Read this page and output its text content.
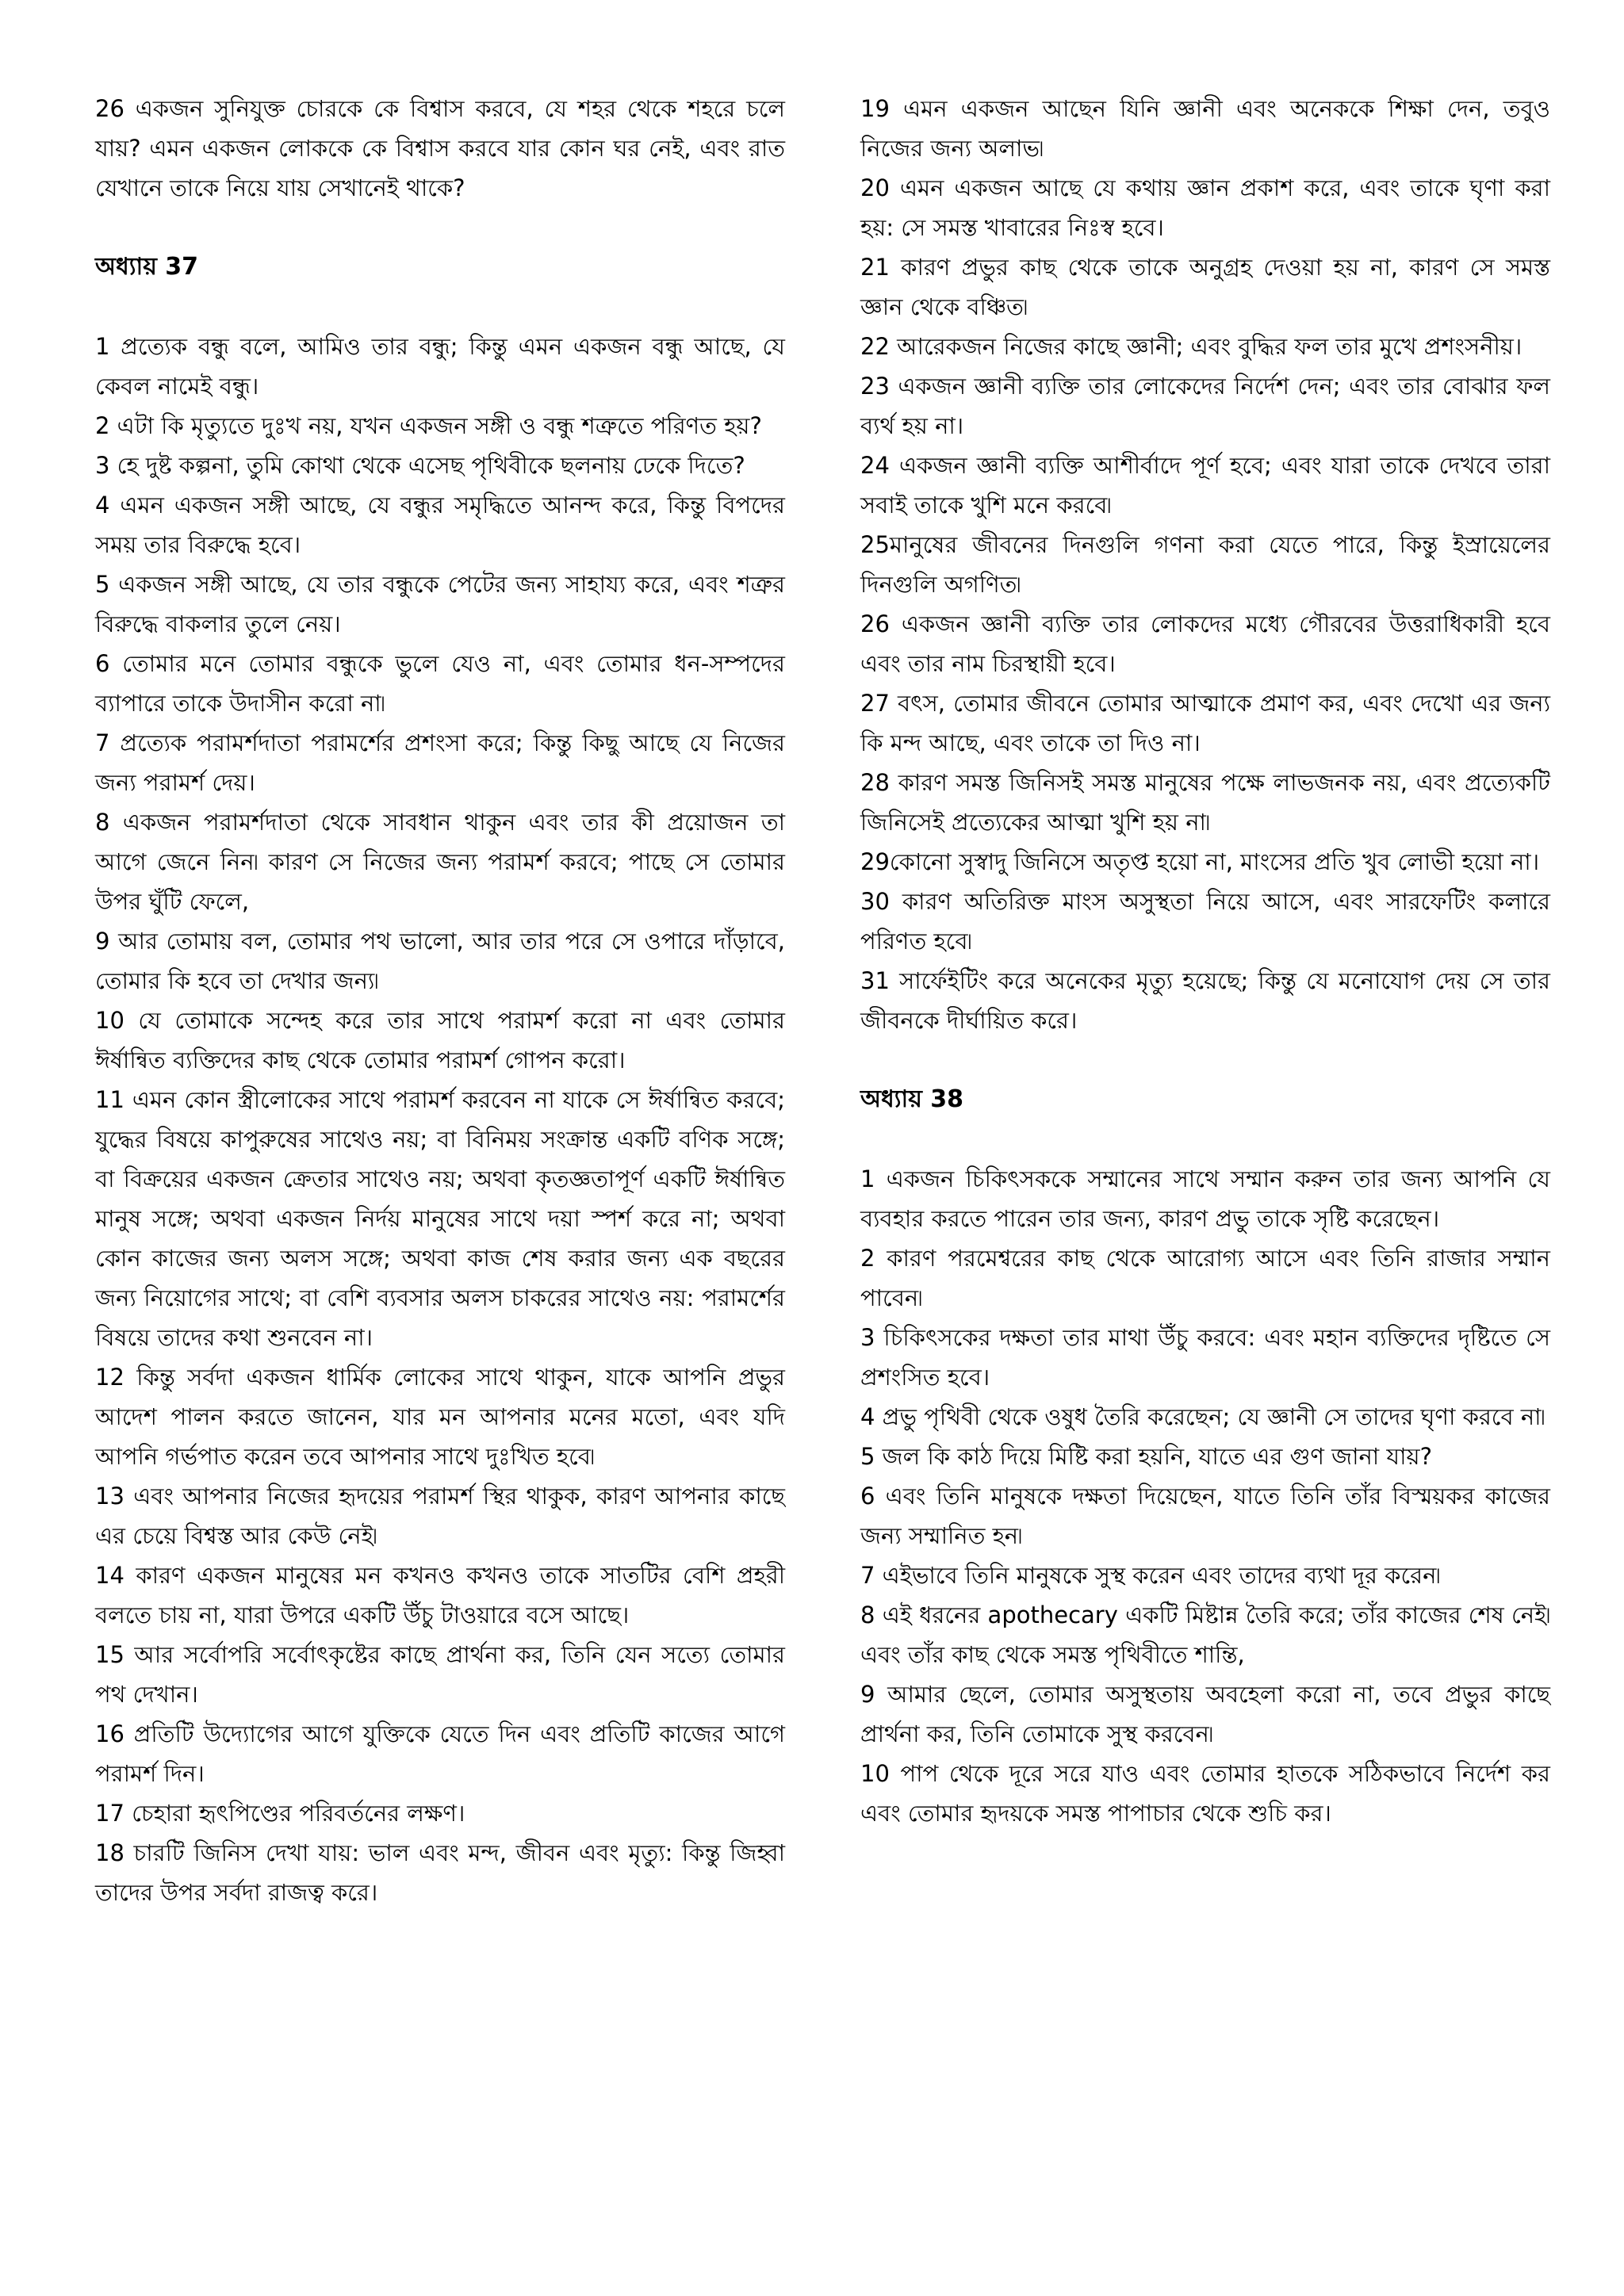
26 একজন সুনিযুক্ত চোরকে কে বিশ্বাস করবে, যে শহর থেকে শহরে চলে যায়? এমন একজন লোককে কে বিশ্বাস করবে যার কোন ঘর নেই, এবং রাত যেখানে তাকে নিয়ে যায় সেখানেই থাকে?

অধ্যায় 37

1 প্রত্যেক বন্ধু বলে, আমিও তার বন্ধু; কিন্তু এমন একজন বন্ধু আছে, যে কেবল নামেই বন্ধু।

2 এটা কি মৃত্যুতে দুঃখ নয়, যখন একজন সঙ্গী ও বন্ধু শত্রুতে পরিণত হয়?

3 হে দুষ্ট কল্পনা, তুমি কোথা থেকে এসেছ পৃথিবীকে ছলনায় ঢেকে দিতে?

4 এমন একজন সঙ্গী আছে, যে বন্ধুর সমৃদ্ধিতে আনন্দ করে, কিন্তু বিপদের সময় তার বিরুদ্ধে হবে।

5 একজন সঙ্গী আছে, যে তার বন্ধুকে পেটের জন্য সাহায্য করে, এবং শত্রুর বিরুদ্ধে বাকলার তুলে নেয়।

6 তোমার মনে তোমার বন্ধুকে ভুলে যেও না, এবং তোমার ধন-সম্পদের ব্যাপারে তাকে উদাসীন করো না৷

7 প্রত্যেক পরামর্শদাতা পরামর্শের প্রশংসা করে; কিন্তু কিছু আছে যে নিজের জন্য পরামর্শ দেয়।

8 একজন পরামর্শদাতা থেকে সাবধান থাকুন এবং তার কী প্রয়োজন তা আগে জেনে নিন৷ কারণ সে নিজের জন্য পরামর্শ করবে; পাছে সে তোমার উপর ঘুঁটি ফেলে,

9 আর তোমায় বল, তোমার পথ ভালো, আর তার পরে সে ওপারে দাঁড়াবে, তোমার কি হবে তা দেখার জন্য৷

10 যে তোমাকে সন্দেহ করে তার সাথে পরামর্শ করো না এবং তোমার ঈর্ষান্বিত ব্যক্তিদের কাছ থেকে তোমার পরামর্শ গোপন করো।

11 এমন কোন স্ত্রীলোকের সাথে পরামর্শ করবেন না যাকে সে ঈর্ষান্বিত করবে; যুদ্ধের বিষয়ে কাপুরুষের সাথেও নয়; বা বিনিময় সংক্রান্ত একটি বণিক সঙ্গে; বা বিক্রয়ের একজন ক্রেতার সাথেও নয়; অথবা কৃতজ্ঞতাপূর্ণ একটি ঈর্ষান্বিত মানুষ সঙ্গে; অথবা একজন নির্দয় মানুষের সাথে দয়া স্পর্শ করে না; অথবা কোন কাজের জন্য অলস সঙ্গে; অথবা কাজ শেষ করার জন্য এক বছরের জন্য নিয়োগের সাথে; বা বেশি ব্যবসার অলস চাকরের সাথেও নয়: পরামর্শের বিষয়ে তাদের কথা শুনবেন না।

12 কিন্তু সর্বদা একজন ধার্মিক লোকের সাথে থাকুন, যাকে আপনি প্রভুর আদেশ পালন করতে জানেন, যার মন আপনার মনের মতো, এবং যদি আপনি গর্ভপাত করেন তবে আপনার সাথে দুঃখিত হবে৷

13 এবং আপনার নিজের হৃদয়ের পরামর্শ স্থির থাকুক, কারণ আপনার কাছে এর চেয়ে বিশ্বস্ত আর কেউ নেই৷

14 কারণ একজন মানুষের মন কখনও কখনও তাকে সাতটির বেশি প্রহরী বলতে চায় না, যারা উপরে একটি উঁচু টাওয়ারে বসে আছে।

15 আর সর্বোপরি সর্বোৎকৃষ্টের কাছে প্রার্থনা কর, তিনি যেন সত্যে তোমার পথ দেখান।

16 প্রতিটি উদ্যোগের আগে যুক্তিকে যেতে দিন এবং প্রতিটি কাজের আগে পরামর্শ দিন।

17 চেহারা হৃৎপিণ্ডের পরিবর্তনের লক্ষণ।

18 চারটি জিনিস দেখা যায়: ভাল এবং মন্দ, জীবন এবং মৃত্যু: কিন্তু জিহ্বা তাদের উপর সর্বদা রাজত্ব করে।

19 এমন একজন আছেন যিনি জ্ঞানী এবং অনেককে শিক্ষা দেন, তবুও নিজের জন্য অলাভ৷

20 এমন একজন আছে যে কথায় জ্ঞান প্রকাশ করে, এবং তাকে ঘৃণা করা হয়: সে সমস্ত খাবারের নিঃস্ব হবে।

21 কারণ প্রভুর কাছ থেকে তাকে অনুগ্রহ দেওয়া হয় না, কারণ সে সমস্ত জ্ঞান থেকে বঞ্চিত৷

22 আরেকজন নিজের কাছে জ্ঞানী; এবং বুদ্ধির ফল তার মুখে প্রশংসনীয়।

23 একজন জ্ঞানী ব্যক্তি তার লোকেদের নির্দেশ দেন; এবং তার বোঝার ফল ব্যর্থ হয় না।

24 একজন জ্ঞানী ব্যক্তি আশীর্বাদে পূর্ণ হবে; এবং যারা তাকে দেখবে তারা সবাই তাকে খুশি মনে করবে৷

25মানুষের জীবনের দিনগুলি গণনা করা যেতে পারে, কিন্তু ইস্রায়েলের দিনগুলি অগণিত৷

26 একজন জ্ঞানী ব্যক্তি তার লোকদের মধ্যে গৌরবের উত্তরাধিকারী হবে এবং তার নাম চিরস্থায়ী হবে।

27 বৎস, তোমার জীবনে তোমার আত্মাকে প্রমাণ কর, এবং দেখো এর জন্য কি মন্দ আছে, এবং তাকে তা দিও না।

28 কারণ সমস্ত জিনিসই সমস্ত মানুষের পক্ষে লাভজনক নয়, এবং প্রত্যেকটি জিনিসেই প্রত্যেকের আত্মা খুশি হয় না৷

29কোনো সুস্বাদু জিনিসে অতৃপ্ত হয়ো না, মাংসের প্রতি খুব লোভী হয়ো না।

30 কারণ অতিরিক্ত মাংস অসুস্থতা নিয়ে আসে, এবং সারফেটিং কলারে পরিণত হবে৷

31 সার্ফেইটিং করে অনেকের মৃত্যু হয়েছে; কিন্তু যে মনোযোগ দেয় সে তার জীবনকে দীর্ঘায়িত করে।

অধ্যায় 38

1 একজন চিকিৎসককে সম্মানের সাথে সম্মান করুন তার জন্য আপনি যে ব্যবহার করতে পারেন তার জন্য, কারণ প্রভু তাকে সৃষ্টি করেছেন।

2 কারণ পরমেশ্বরের কাছ থেকে আরোগ্য আসে এবং তিনি রাজার সম্মান পাবেন৷

3 চিকিৎসকের দক্ষতা তার মাথা উঁচু করবে: এবং মহান ব্যক্তিদের দৃষ্টিতে সে প্রশংসিত হবে।

4 প্রভু পৃথিবী থেকে ওষুধ তৈরি করেছেন; যে জ্ঞানী সে তাদের ঘৃণা করবে না৷

5 জল কি কাঠ দিয়ে মিষ্টি করা হয়নি, যাতে এর গুণ জানা যায়?

6 এবং তিনি মানুষকে দক্ষতা দিয়েছেন, যাতে তিনি তাঁর বিস্ময়কর কাজের জন্য সম্মানিত হন৷

7 এইভাবে তিনি মানুষকে সুস্থ করেন এবং তাদের ব্যথা দূর করেন৷

8 এই ধরনের apothecary একটি মিষ্টান্ন তৈরি করে; তাঁর কাজের শেষ নেই৷ এবং তাঁর কাছ থেকে সমস্ত পৃথিবীতে শান্তি,

9 আমার ছেলে, তোমার অসুস্থতায় অবহেলা করো না, তবে প্রভুর কাছে প্রার্থনা কর, তিনি তোমাকে সুস্থ করবেন৷

10 পাপ থেকে দূরে সরে যাও এবং তোমার হাতকে সঠিকভাবে নির্দেশ কর এবং তোমার হৃদয়কে সমস্ত পাপাচার থেকে শুচি কর।
